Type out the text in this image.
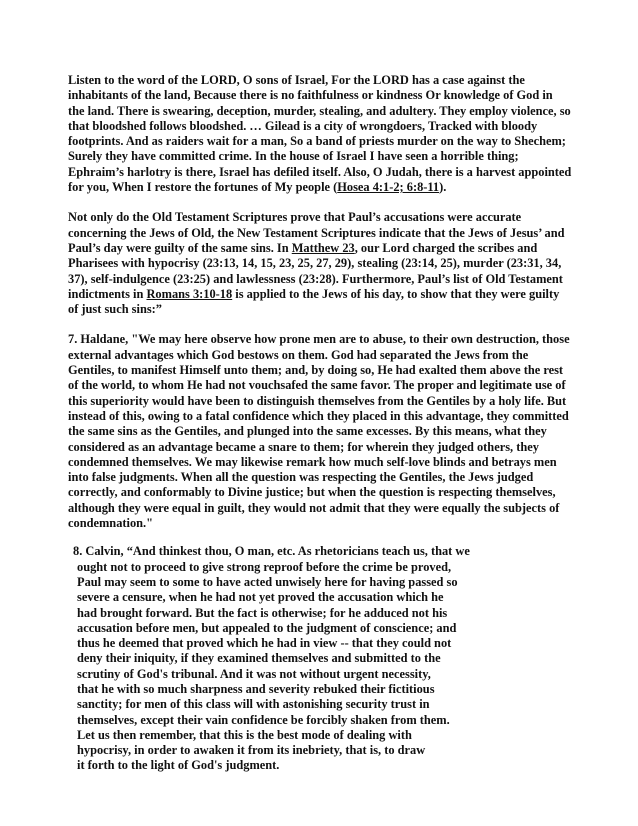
Listen to the word of the LORD, O sons of Israel, For the LORD has a case against the inhabitants of the land, Because there is no faithfulness or kindness Or knowledge of God in the land. There is swearing, deception, murder, stealing, and adultery. They employ violence, so that bloodshed follows bloodshed. … Gilead is a city of wrongdoers, Tracked with bloody footprints. And as raiders wait for a man, So a band of priests murder on the way to Shechem; Surely they have committed crime. In the house of Israel I have seen a horrible thing; Ephraim’s harlotry is there, Israel has defiled itself. Also, O Judah, there is a harvest appointed for you, When I restore the fortunes of My people (Hosea 4:1-2; 6:8-11).

Not only do the Old Testament Scriptures prove that Paul’s accusations were accurate concerning the Jews of Old, the New Testament Scriptures indicate that the Jews of Jesus’ and Paul’s day were guilty of the same sins. In Matthew 23, our Lord charged the scribes and Pharisees with hypocrisy (23:13, 14, 15, 23, 25, 27, 29), stealing (23:14, 25), murder (23:31, 34, 37), self-indulgence (23:25) and lawlessness (23:28). Furthermore, Paul’s list of Old Testament indictments in Romans 3:10-18 is applied to the Jews of his day, to show that they were guilty of just such sins:”

7. Haldane, "We may here observe how prone men are to abuse, to their own destruction, those external advantages which God bestows on them. God had separated the Jews from the Gentiles, to manifest Himself unto them; and, by doing so, He had exalted them above the rest of the world, to whom He had not vouchsafed the same favor. The proper and legitimate use of this superiority would have been to distinguish themselves from the Gentiles by a holy life. But instead of this, owing to a fatal confidence which they placed in this advantage, they committed the same sins as the Gentiles, and plunged into the same excesses. By this means, what they considered as an advantage became a snare to them; for wherein they judged others, they condemned themselves. We may likewise remark how much self-love blinds and betrays men into false judgments. When all the question was respecting the Gentiles, the Jews judged correctly, and conformably to Divine justice; but when the question is respecting themselves, although they were equal in guilt, they would not admit that they were equally the subjects of condemnation."

8. Calvin, “And thinkest thou, O man, etc. As rhetoricians teach us, that we

ought not to proceed to give strong reproof before the crime be proved,

Paul may seem to some to have acted unwisely here for having passed so

severe a censure, when he had not yet proved the accusation which he

had brought forward. But the fact is otherwise; for he adduced not his

accusation before men, but appealed to the judgment of conscience; and

thus he deemed that proved which he had in view -- that they could not

deny their iniquity, if they examined themselves and submitted to the

scrutiny of God's tribunal. And it was not without urgent necessity,

that he with so much sharpness and severity rebuked their fictitious

sanctity; for men of this class will with astonishing security trust in

themselves, except their vain confidence be forcibly shaken from them.

Let us then remember, that this is the best mode of dealing with

hypocrisy, in order to awaken it from its inebriety, that is, to draw

it forth to the light of God's judgment.
